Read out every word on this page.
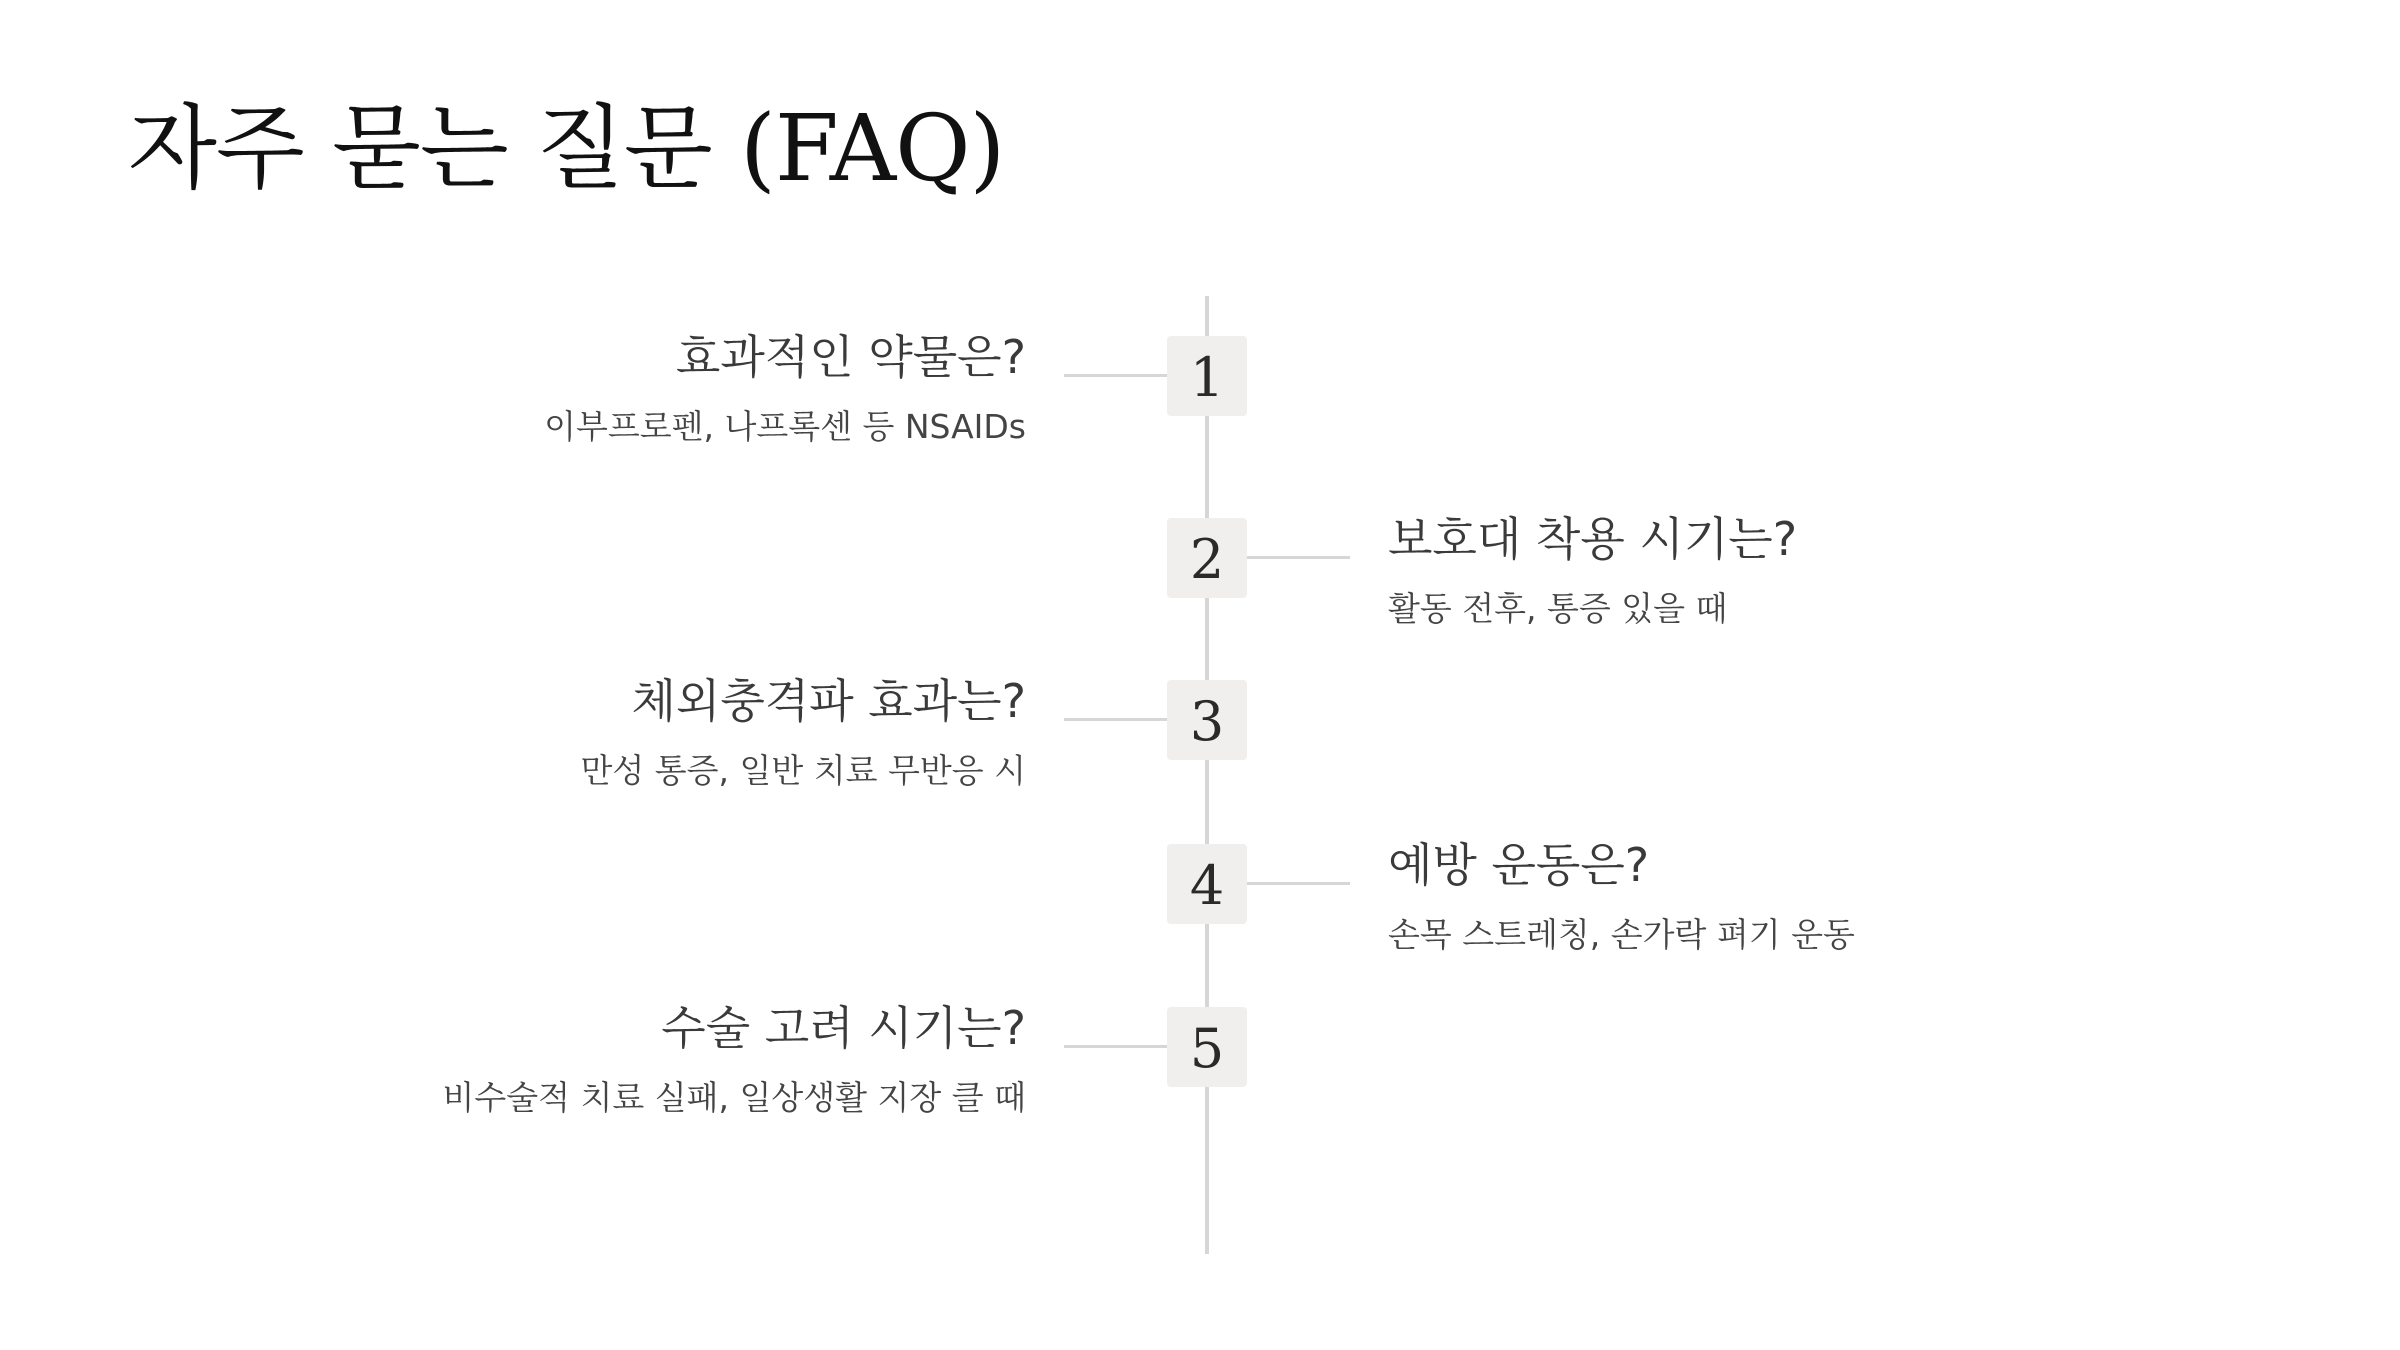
자주 묻는 질문 (FAQ)
1
효과적인 약물은?

이부프로펜, 나프록센 등 NSAIDs

2	보호대 착용 시기는?

활동 전후, 통증 있을 때

3
체외충격파 효과는?

만성 통증, 일반 치료 무반응 시

4	예방 운동은?

손목 스트레칭, 손가락 펴기 운동

5
수술 고려 시기는?

비수술적 치료 실패, 일상생활 지장 클 때
